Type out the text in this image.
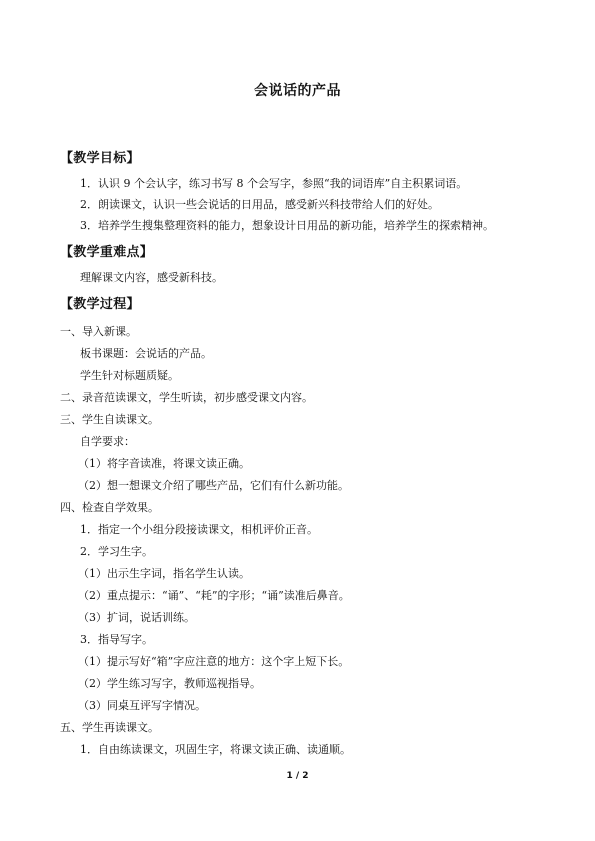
会说话的产品
【教学目标】
1．认识 9 个会认字，练习书写 8 个会写字，参照“我的词语库”自主积累词语。
2．朗读课文，认识一些会说话的日用品，感受新兴科技带给人们的好处。
3．培养学生搜集整理资料的能力，想象设计日用品的新功能，培养学生的探索精神。
【教学重难点】
理解课文内容，感受新科技。
【教学过程】
一、导入新课。
板书课题：会说话的产品。
学生针对标题质疑。
二、录音范读课文，学生听读，初步感受课文内容。
三、学生自读课文。
自学要求：
（1）将字音读准，将课文读正确。
（2）想一想课文介绍了哪些产品，它们有什么新功能。
四、检查自学效果。
1．指定一个小组分段接读课文，相机评价正音。
2．学习生字。
（1）出示生字词，指名学生认读。
（2）重点提示：“诵”、“耗”的字形；“诵”读准后鼻音。
（3）扩词，说话训练。
3．指导写字。
（1）提示写好“箱”字应注意的地方：这个字上短下长。
（2）学生练习写字，教师巡视指导。
（3）同桌互评写字情况。
五、学生再读课文。
1．自由练读课文，巩固生字，将课文读正确、读通顺。
1 / 2
